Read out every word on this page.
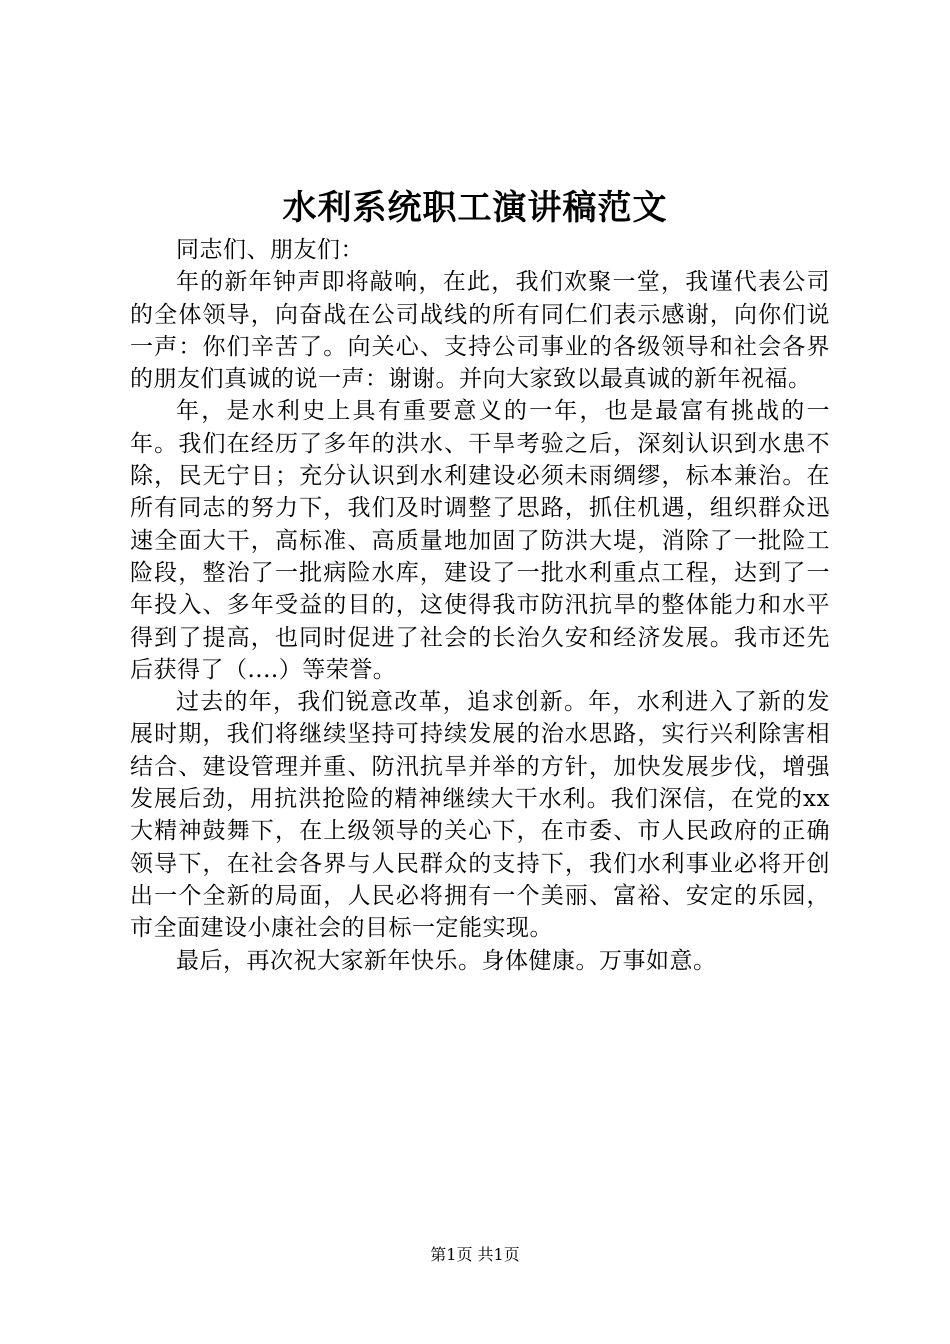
水利系统职工演讲稿范文

同志们、朋友们：

年的新年钟声即将敲响，在此，我们欢聚一堂，我谨代表公司的全体领导，向奋战在公司战线的所有同仁们表示感谢，向你们说一声：你们辛苦了。向关心、支持公司事业的各级领导和社会各界的朋友们真诚的说一声：谢谢。并向大家致以最真诚的新年祝福。

年，是水利史上具有重要意义的一年，也是最富有挑战的一年。我们在经历了多年的洪水、干旱考验之后，深刻认识到水患不除，民无宁日；充分认识到水利建设必须未雨绸缪，标本兼治。在所有同志的努力下，我们及时调整了思路，抓住机遇，组织群众迅速全面大干，高标准、高质量地加固了防洪大堤，消除了一批险工险段，整治了一批病险水库，建设了一批水利重点工程，达到了一年投入、多年受益的目的，这使得我市防汛抗旱的整体能力和水平得到了提高，也同时促进了社会的长治久安和经济发展。我市还先后获得了（....）等荣誉。

过去的年，我们锐意改革，追求创新。年，水利进入了新的发展时期，我们将继续坚持可持续发展的治水思路，实行兴利除害相结合、建设管理并重、防汛抗旱并举的方针，加快发展步伐，增强发展后劲，用抗洪抢险的精神继续大干水利。我们深信，在党的xx大精神鼓舞下，在上级领导的关心下，在市委、市人民政府的正确领导下，在社会各界与人民群众的支持下，我们水利事业必将开创出一个全新的局面，人民必将拥有一个美丽、富裕、安定的乐园，市全面建设小康社会的目标一定能实现。

最后，再次祝大家新年快乐。身体健康。万事如意。

第1页 共1页
